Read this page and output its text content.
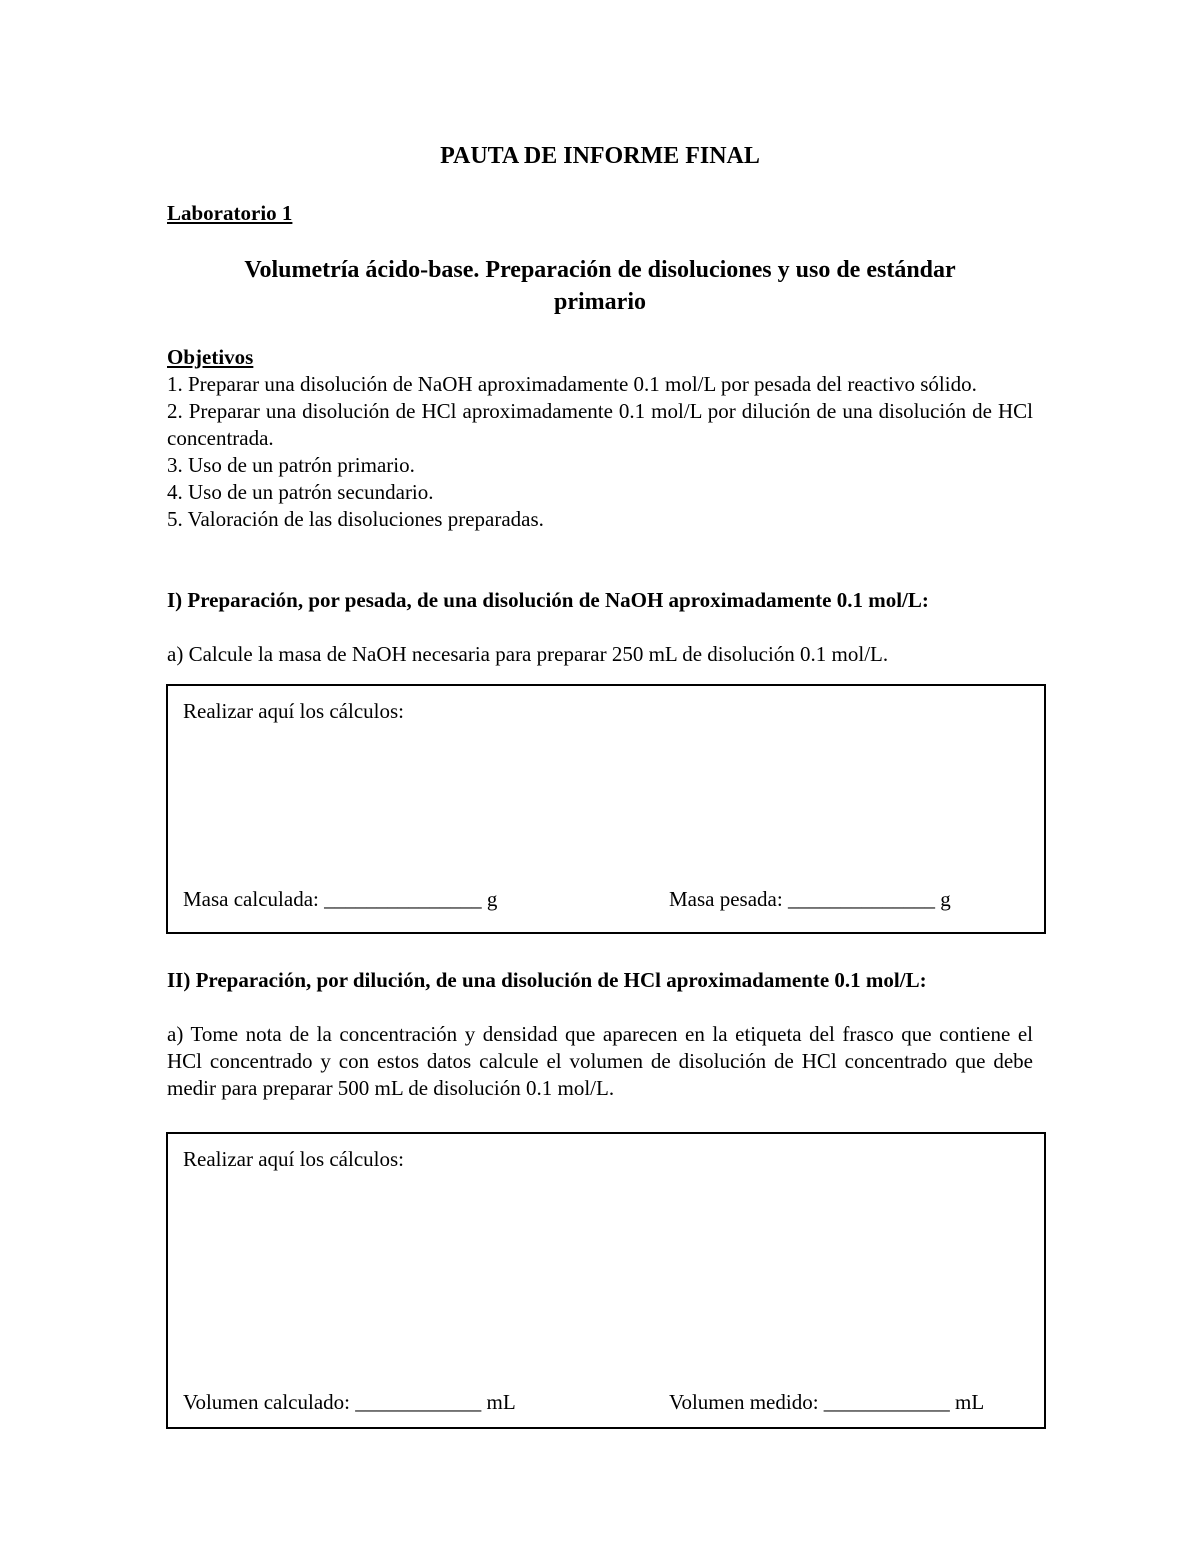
PAUTA DE INFORME FINAL
Laboratorio 1
Volumetría ácido-base. Preparación de disoluciones y uso de estándar
primario
Objetivos

1. Preparar una disolución de NaOH aproximadamente 0.1 mol/L por pesada del reactivo sólido.

2. Preparar una disolución de HCl aproximadamente 0.1 mol/L por dilución de una disolución de HCl concentrada.

3. Uso de un patrón primario.

4. Uso de un patrón secundario.

5. Valoración de las disoluciones preparadas.

I) Preparación, por pesada, de una disolución de NaOH aproximadamente 0.1 mol/L:
a) Calcule la masa de NaOH necesaria para preparar 250 mL de disolución 0.1 mol/L.
Realizar aquí los cálculos:
Masa calculada: _______________ g	Masa pesada: ______________ g
II) Preparación, por dilución, de una disolución de HCl aproximadamente 0.1 mol/L:
a) Tome nota de la concentración y densidad que aparecen en la etiqueta del frasco que contiene el HCl concentrado y con estos datos calcule el volumen de disolución de HCl concentrado que debe medir para preparar 500 mL de disolución 0.1 mol/L.
Realizar aquí los cálculos:
Volumen calculado: ____________ mL	Volumen medido: ____________ mL
